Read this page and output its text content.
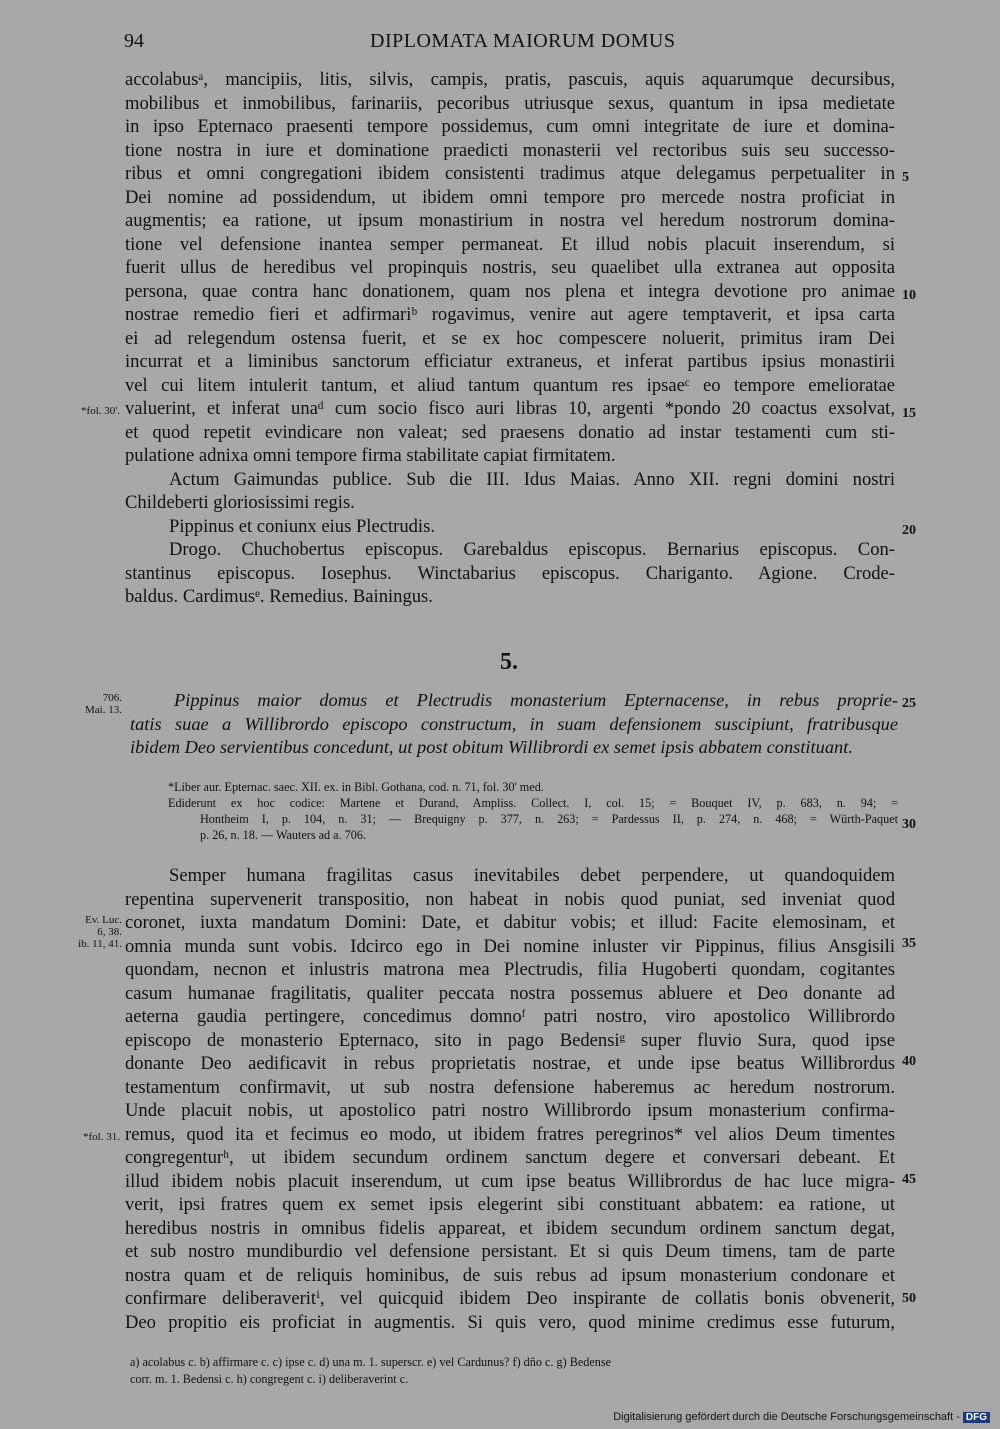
94	DIPLOMATA MAIORUM DOMUS
accolabusᵃ, mancipiis, litis, silvis, campis, pratis, pascuis, aquis aquarumque decursibus,
mobilibus et inmobilibus, farinariis, pecoribus utriusque sexus, quantum in ipsa medietate
in ipso Epternaco praesenti tempore possidemus, cum omni integritate de iure et domina-
tione nostra in iure et dominatione praedicti monasterii vel rectoribus suis seu successo-
ribus et omni congregationi ibidem consistenti tradimus atque delegamus perpetualiter in
Dei nomine ad possidendum, ut ibidem omni tempore pro mercede nostra proficiat in
augmentis; ea ratione, ut ipsum monastirium in nostra vel heredum nostrorum domina-
tione vel defensione inantea semper permaneat. Et illud nobis placuit inserendum, si
fuerit ullus de heredibus vel propinquis nostris, seu quaelibet ulla extranea aut opposita
persona, quae contra hanc donationem, quam nos plena et integra devotione pro animae
nostrae remedio fieri et adfirmariᵇ rogavimus, venire aut agere temptaverit, et ipsa carta
ei ad relegendum ostensa fuerit, et se ex hoc compescere noluerit, primitus iram Dei
incurrat et a liminibus sanctorum efficiatur extraneus, et inferat partibus ipsius monastirii
vel cui litem intulerit tantum, et aliud tantum quantum res ipsaeᶜ eo tempore emelioratae
valuerint, et inferat unaᵈ cum socio fisco auri libras 10, argenti *pondo 20 coactus exsolvat,
et quod repetit evindicare non valeat; sed praesens donatio ad instar testamenti cum sti-
pulatione adnixa omni tempore firma stabilitate capiat firmitatem.
Actum Gaimundas publice. Sub die III. Idus Maias. Anno XII. regni domini nostri
Childeberti gloriosissimi regis.
Pippinus et coniunx eius Plectrudis.
Drogo. Chuchobertus episcopus. Garebaldus episcopus. Bernarius episcopus. Con-
stantinus episcopus. Iosephus. Winctabarius episcopus. Chariganto. Agione. Crode-
baldus. Cardimusᵉ. Remedius. Bainingus.
5
10
15
20
*fol. 30'.
5.
706.
Mai. 13.	25
Pippinus maior domus et Plectrudis monasterium Epternacense, in rebus proprie-
tatis suae a Willibrordo episcopo constructum, in suam defensionem suscipiunt, fratribusque
ibidem Deo servientibus concedunt, ut post obitum Willibrordi ex semet ipsis abbatem constituant.
*Liber aur. Epternac. saec. XII. ex. in Bibl. Gothana, cod. n. 71, fol. 30' med.
Ediderunt ex hoc codice: Martene et Durand, Ampliss. Collect. I, col. 15; = Bouquet IV, p. 683, n. 94; =
Hontheim I, p. 104, n. 31; — Brequigny p. 377, n. 263; = Pardessus II, p. 274, n. 468; = Würth-Paquet
p. 26, n. 18. — Wauters ad a. 706.
30
Semper humana fragilitas casus inevitabiles debet perpendere, ut quandoquidem
repentina supervenerit transpositio, non habeat in nobis quod puniat, sed inveniat quod
coronet, iuxta mandatum Domini: Date, et dabitur vobis; et illud: Facite elemosinam, et
omnia munda sunt vobis. Idcirco ego in Dei nomine inluster vir Pippinus, filius Ansgisili
quondam, necnon et inlustris matrona mea Plectrudis, filia Hugoberti quondam, cogitantes
casum humanae fragilitatis, qualiter peccata nostra possemus abluere et Deo donante ad
aeterna gaudia pertingere, concedimus domnoᶠ patri nostro, viro apostolico Willibrordo
episcopo de monasterio Epternaco, sito in pago Bedensiᵍ super fluvio Sura, quod ipse
donante Deo aedificavit in rebus proprietatis nostrae, et unde ipse beatus Willibrordus
testamentum confirmavit, ut sub nostra defensione haberemus ac heredum nostrorum.
Unde placuit nobis, ut apostolico patri nostro Willibrordo ipsum monasterium confirma-
remus, quod ita et fecimus eo modo, ut ibidem fratres peregrinos* vel alios Deum timentes
congregenturʰ, ut ibidem secundum ordinem sanctum degere et conversari debeant. Et
illud ibidem nobis placuit inserendum, ut cum ipse beatus Willibrordus de hac luce migra-
verit, ipsi fratres quem ex semet ipsis elegerint sibi constituant abbatem: ea ratione, ut
heredibus nostris in omnibus fidelis appareat, et ibidem secundum ordinem sanctum degat,
et sub nostro mundiburdio vel defensione persistant. Et si quis Deum timens, tam de parte
nostra quam et de reliquis hominibus, de suis rebus ad ipsum monasterium condonare et
confirmare deliberaveritⁱ, vel quicquid ibidem Deo inspirante de collatis bonis obvenerit,
Deo propitio eis proficiat in augmentis. Si quis vero, quod minime credimus esse futurum,
Ev. Luc.
6, 38.
ib. 11, 41.
*fol. 31.
35
40
45
50
a) acolabus c. b) affirmare c. c) ipse c. d) una m. 1. superscr. e) vel Cardunus? f) dño c. g) Bedense
corr. m. 1. Bedensi c. h) congregent c. i) deliberaverint c.
Digitalisierung gefördert durch die Deutsche Forschungsgemeinschaft - DFG
